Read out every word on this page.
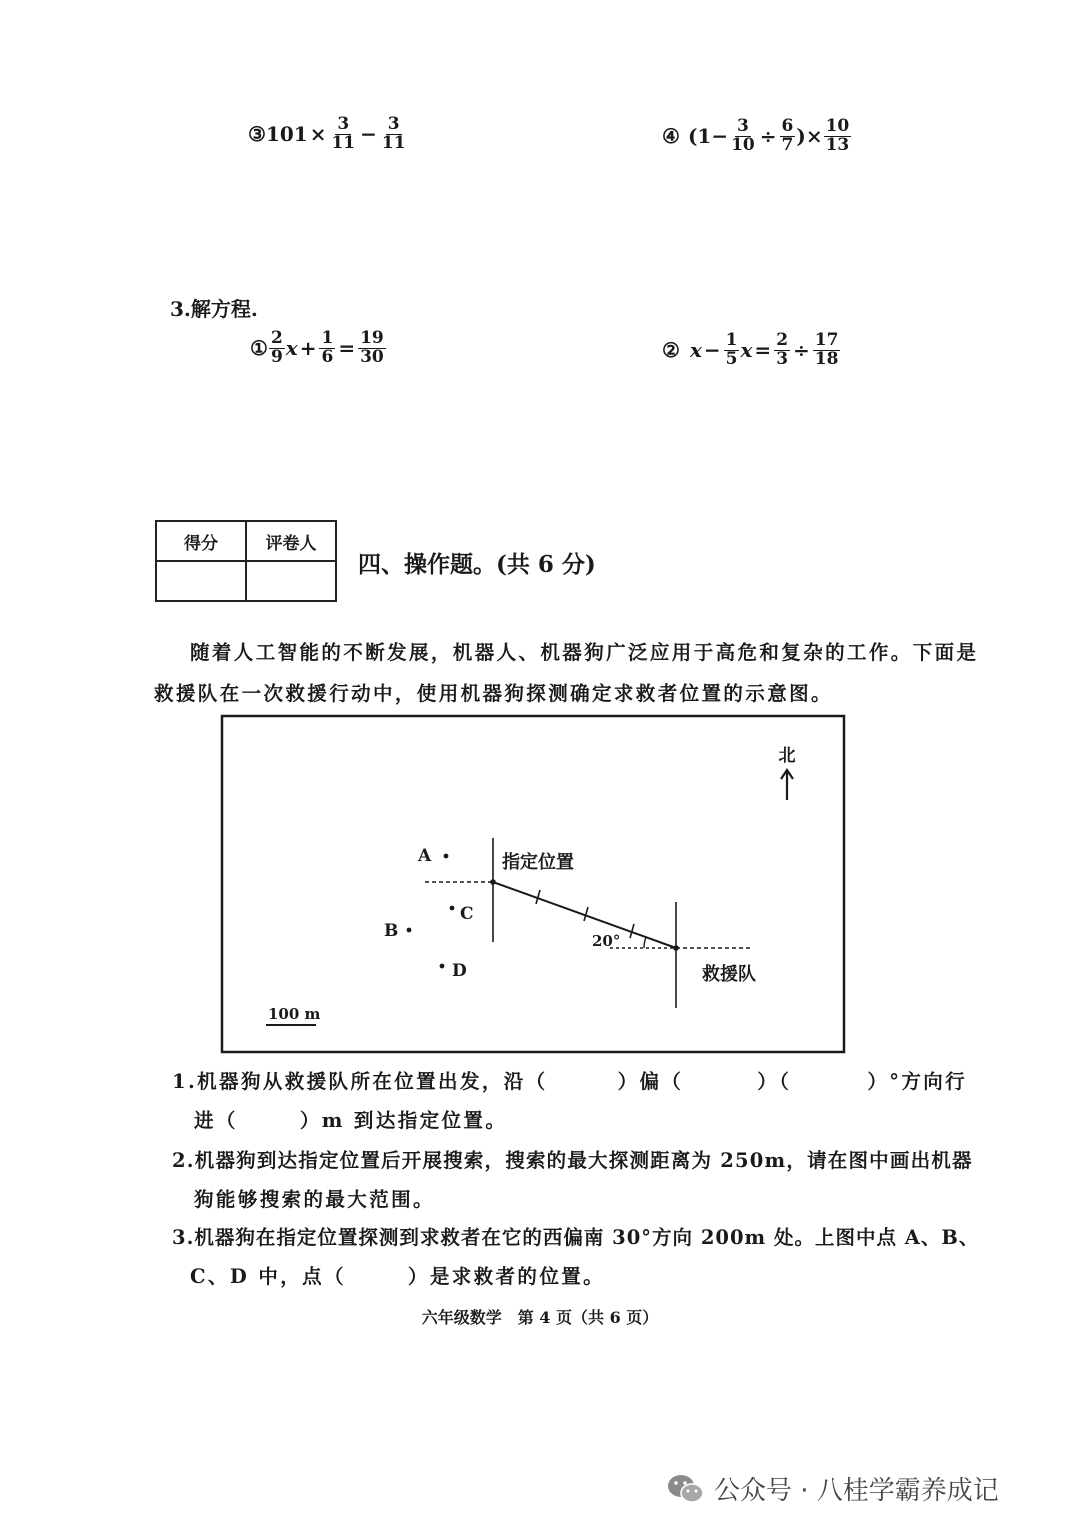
③ $101 \times \frac{3}{11} - \frac{3}{11}$	④ ($1- \frac{3}{10} \div \frac{6}{7}$ )× $\frac{10}{13}$
3.解方程.
① $\frac{2}{9}$ $x + \frac{1}{6} = \frac{19}{30}$	② $x - \frac{1}{5}$ $x = \frac{2}{3} \div \frac{17}{18}$
得分	评卷人

四、操作题。(共 6 分)
随着人工智能的不断发展，机器人、机器狗广泛应用于高危和复杂的工作。下面是
救援队在一次救援行动中，使用机器狗探测确定求救者位置的示意图。
北
指定位置
救援队
20°
A
C
B
D
100 m
1.机器狗从救援队所在位置出发，沿（	）偏（	）（	）°方向行
进（	）m 到达指定位置。
2.机器狗到达指定位置后开展搜索，搜索的最大探测距离为 250m，请在图中画出机器
狗能够搜索的最大范围。
3.机器狗在指定位置探测到求救者在它的西偏南 30°方向 200m 处。上图中点 A、B、
C、D 中，点（	）是求救者的位置。
六年级数学　第 4 页（共 6 页）
公众号 · 八桂学霸养成记
